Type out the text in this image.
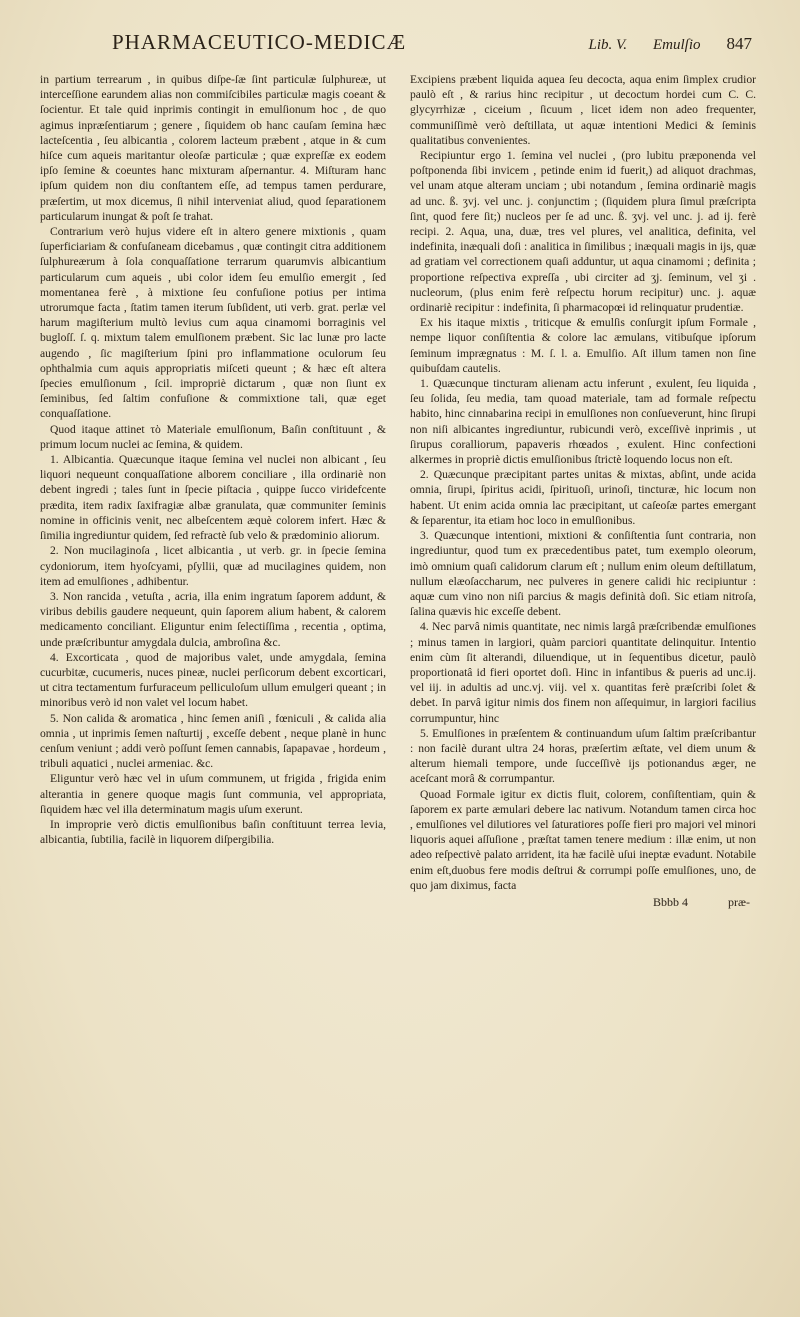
PHARMACEUTICO-MEDICÆ	Lib. V. Emulſio 847

in partium terrearum , in quibus diſpe-ſæ ſint particulæ ſulphureæ, ut interceſſione earundem alias non commiſcibiles particulæ magis coeant & ſocientur. Et tale quid inprimis contingit in emulſionum hoc , de quo agimus inpræſentiarum ; genere , ſiquidem ob hanc cauſam ſemina hæc lacteſcentia , ſeu albicantia , colorem lacteum præbent , atque in & cum hiſce cum aqueis maritantur oleoſæ particulæ ; quæ expreſſæ ex eodem ipſo ſemine & coeuntes hanc mixturam aſpernantur. 4. Miſturam hanc ipſum quidem non diu conſtantem eſſe, ad tempus tamen perdurare, præſertim, ut mox dicemus, ſi nihil interveniat aliud, quod ſeparationem particularum inungat & poſt ſe trahat.

Contrarium verò hujus videre eſt in altero genere mixtionis , quam ſuperficiariam & confuſaneam dicebamus , quæ contingit citra additionem ſulphureærum à ſola conquaſſatione terrarum quarumvis albicantium particularum cum aqueis , ubi color idem ſeu emulſio emergit , ſed momentanea ferè , à mixtione ſeu confuſione potius per intima utrorumque facta , ſtatim tamen iterum ſubſident, uti verb. grat. perlæ vel harum magiſterium multò levius cum aqua cinamomi borraginis vel bugloſſ. ſ. q. mixtum talem emulſionem præbent. Sic lac lunæ pro lacte augendo , ſic magiſterium ſpini pro inflammatione oculorum ſeu ophthalmia cum aquis appropriatis miſceti queunt ; & hæc eſt altera ſpecies emulſionum , ſcil. impropriè dictarum , quæ non ſiunt ex ſeminibus, ſed ſaltim confuſione & commixtione tali, quæ eget conquaſſatione.

Quod itaque attinet τὸ Materiale emulſionum, Baſin conſtituunt , & primum locum nuclei ac ſemina, & quidem.

1. Albicantia. Quæcunque itaque ſemina vel nuclei non albicant , ſeu liquori nequeunt conquaſſatione alborem conciliare , illa ordinariè non debent ingredi ; tales ſunt in ſpecie piſtacia , quippe ſucco viridefcente prædita, item radix ſaxifragiæ albæ granulata, quæ communiter ſeminis nomine in officinis venit, nec albeſcentem æquè colorem infert. Hæc & ſimilia ingrediuntur quidem, ſed refractè ſub velo & prædominio aliorum.

2. Non mucilaginoſa , licet albicantia , ut verb. gr. in ſpecie ſemina cydoniorum, item hyoſcyami, pſyllii, quæ ad mucilagines quidem, non item ad emulſiones , adhibentur.

3. Non rancida , vetuſta , acria, illa enim ingratum ſaporem addunt, & viribus debilis gaudere nequeunt, quin ſaporem alium habent, & calorem medicamento conciliant. Eliguntur enim ſelectiſſima , recentia , optima, unde præſcribuntur amygdala dulcia, ambroſina &c.

4. Excorticata , quod de majoribus valet, unde amygdala, ſemina cucurbitæ, cucumeris, nuces pineæ, nuclei perſicorum debent excorticari, ut citra tectamentum furfuraceum pelliculoſum ullum emulgeri queant ; in minoribus verò id non valet vel locum habet.

5. Non calida & aromatica , hinc ſemen aniſi , fœniculi , & calida alia omnia , ut inprimis ſemen naſturtij , exceſſe debent , neque planè in hunc cenſum veniunt ; addi verò poſſunt ſemen cannabis, ſapapavae , hordeum , tribuli aquatici , nuclei armeniac. &c.

Eliguntur verò hæc vel in uſum communem, ut frigida , frigida enim alterantia in genere quoque magis ſunt communia, vel appropriata, ſiquidem hæc vel illa determinatum magis uſum exerunt.

In improprie verò dictis emulſionibus baſin conſtituunt terrea levia, albicantia, ſubtilia, facilè in liquorem diſpergibilia.

Excipiens præbent liquida aquea ſeu decocta, aqua enim ſimplex crudior paulò eſt , & rarius hinc recipitur , ut decoctum hordei cum C. C. glycyrrhizæ , ciceium , ſicuum , licet idem non adeo frequenter, communiſſimè verò deſtillata, ut aquæ intentioni Medici & ſeminis qualitatibus convenientes.

Recipiuntur ergo 1. ſemina vel nuclei , (pro lubitu præponenda vel poſtponenda ſibi invicem , petinde enim id fuerit,) ad aliquot drachmas, vel unam atque alteram unciam ; ubi notandum , ſemina ordinariè magis ad unc. ß. ʒvj. vel unc. j. conjunctim ; (ſiquidem plura ſimul præſcripta ſint, quod fere ſit;) nucleos per ſe ad unc. ß. ʒvj. vel unc. j. ad ij. ferè recipi. 2. Aqua, una, duæ, tres vel plures, vel analitica, definita, vel indefinita, inæquali doſi : analitica in ſimilibus ; inæquali magis in ijs, quæ ad gratiam vel correctionem quaſi adduntur, ut aqua cinamomi ; definita ; proportione reſpectiva expreſſa , ubi circiter ad ʒj. ſeminum, vel ʒi . nucleorum, (plus enim ferè reſpectu horum recipitur) unc. j. aquæ ordinariè recipitur : indefinita, ſi pharmacopœi id relinquatur prudentiæ.

Ex his itaque mixtis , triticque & emulſis conſurgit ipſum Formale , nempe liquor conſiſtentia & colore lac æmulans, vitibuſque ipſorum ſeminum imprægnatus : M. ſ. l. a. Emulſio. Aſt illum tamen non ſine quibuſdam cautelis.

1. Quæcunque tincturam alienam actu inferunt , exulent, ſeu liquida , ſeu ſolida, ſeu media, tam quoad materiale, tam ad formale reſpectu habito, hinc cinnabarina recipi in emulſiones non conſueverunt, hinc ſirupi non niſi albicantes ingrediuntur, rubicundi verò, exceſſivè inprimis , ut ſirupus coralliorum, papaveris rhœados , exulent. Hinc confectioni alkermes in propriè dictis emulſionibus ſtrictè loquendo locus non eſt.

2. Quæcunque præcipitant partes unitas & mixtas, abſint, unde acida omnia, ſirupi, ſpiritus acidi, ſpirituoſi, urinoſi, tincturæ, hic locum non habent. Ut enim acida omnia lac præcipitant, ut caſeoſæ partes emergant & ſeparentur, ita etiam hoc loco in emulſionibus.

3. Quæcunque intentioni, mixtioni & conſiſtentia ſunt contraria, non ingrediuntur, quod tum ex præcedentibus patet, tum exemplo oleorum, imò omnium quaſi calidorum clarum eſt ; nullum enim oleum deſtillatum, nullum elæoſaccharum, nec pulveres in genere calidi hic recipiuntur : aquæ cum vino non niſi parcius & magis definità doſi. Sic etiam nitroſa, ſalina quævis hic exceſſe debent.

4. Nec parvâ nimis quantitate, nec nimis largâ præſcribendæ emulſiones ; minus tamen in largiori, quàm parciori quantitate delinquitur. Intentio enim cùm ſit alterandi, diluendique, ut in ſequentibus dicetur, paulò proportionatâ id fieri oportet doſi. Hinc in infantibus & pueris ad unc.ij. vel iij. in adultis ad unc.vj. viij. vel x. quantitas ferè præſcribi ſolet & debet. In parvâ igitur nimis dos finem non aſſequimur, in largiori facilius corrumpuntur, hinc

5. Emulſiones in præſentem & continuandum uſum ſaltim præſcribantur : non facilè durant ultra 24 horas, præſertim æſtate, vel diem unum & alterum hiemali tempore, unde ſucceſſivè ijs potionandus æger, ne aceſcant morâ & corrumpantur.

Quoad Formale igitur ex dictis fluit, colorem, conſiſtentiam, quin & ſaporem ex parte æmulari debere lac nativum. Notandum tamen circa hoc , emulſiones vel dilutiores vel ſaturatiores poſſe fieri pro majori vel minori liquoris aquei aſſuſione , præſtat tamen tenere medium : illæ enim, ut non adeo reſpectivè palato arrident, ita hæ facilè uſui ineptæ evadunt. Notabile enim eſt,duobus fere modis deſtrui & corrumpi poſſe emulſiones, uno, de quo jam diximus, facta

Bbbb 4	præ-
